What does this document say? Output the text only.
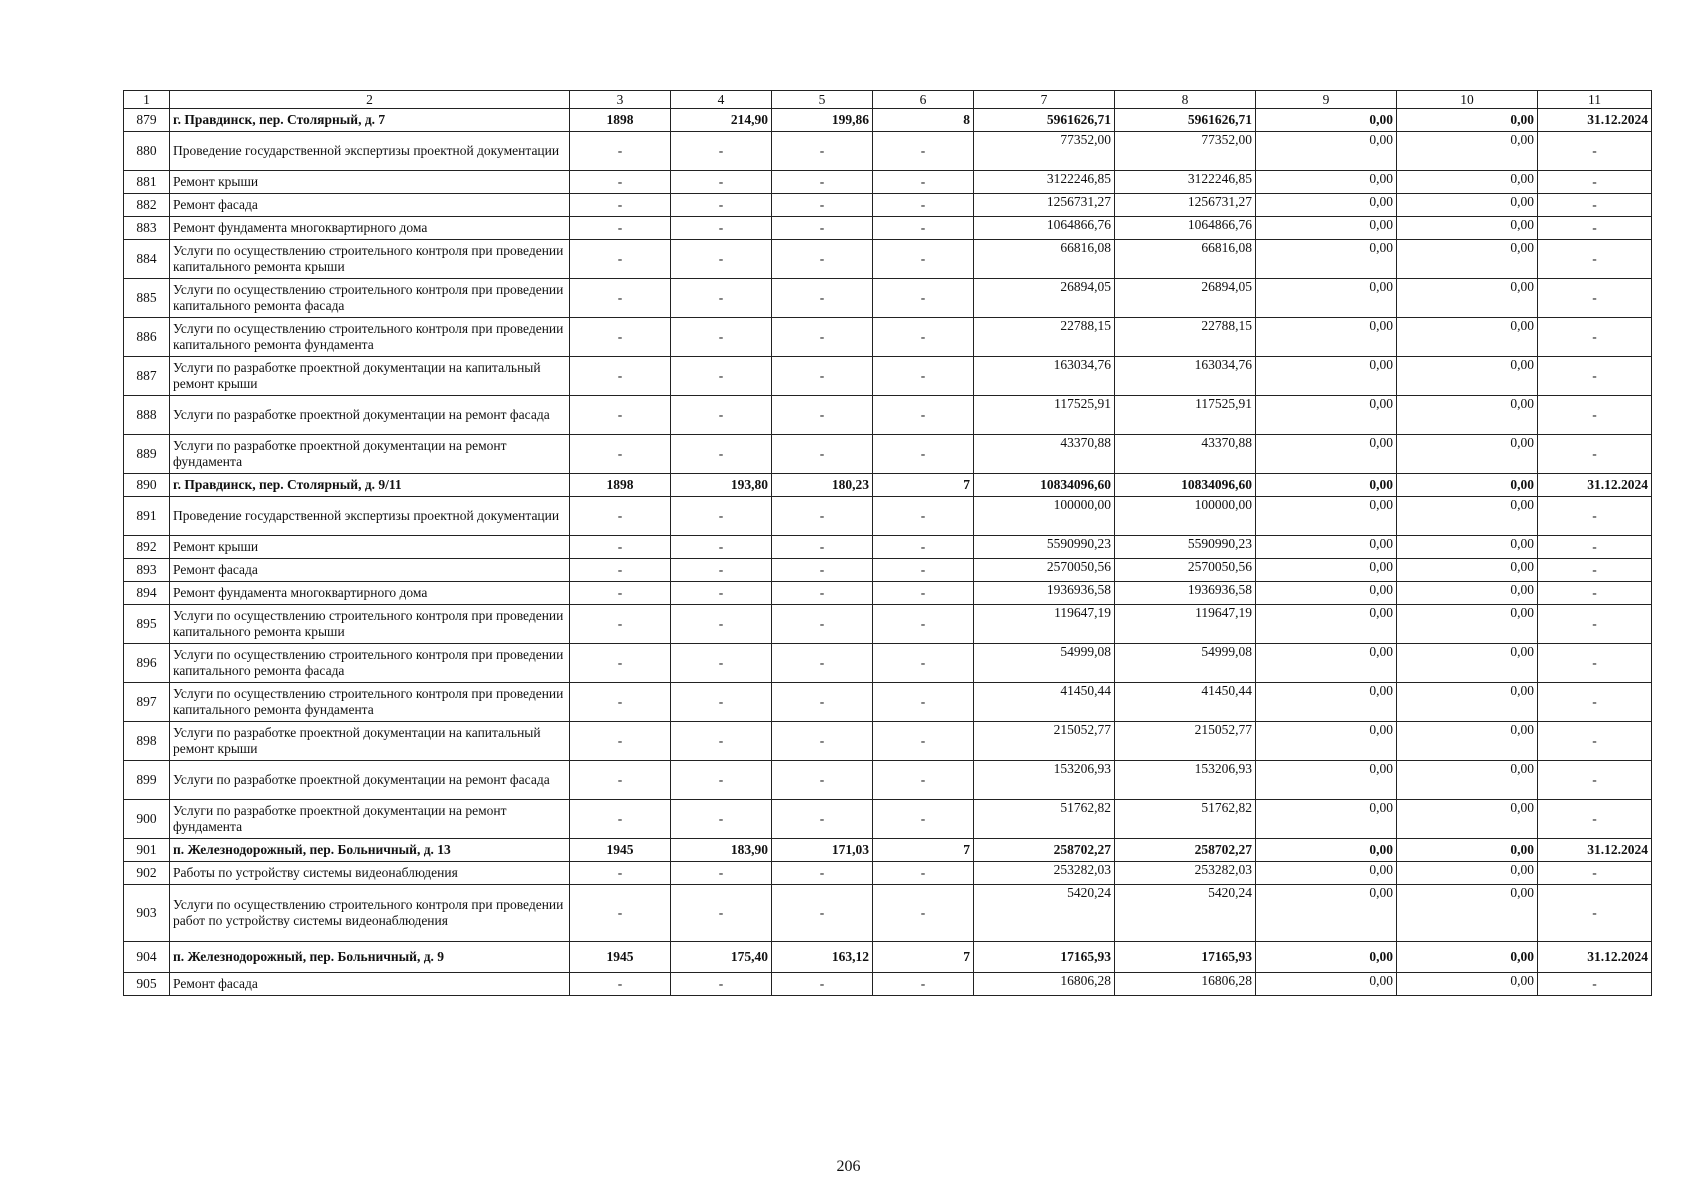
1	2	3	4	5	6	7	8	9	10	11
879	г. Правдинск, пер. Столярный, д. 7	1898	214,90	199,86	8	5961626,71	5961626,71	0,00	0,00	31.12.2024
880	Проведение государственной экспертизы проектной документации	-	-	-	-	77352,00	77352,00	0,00	0,00	-
881	Ремонт крыши	-	-	-	-	3122246,85	3122246,85	0,00	0,00	-
882	Ремонт фасада	-	-	-	-	1256731,27	1256731,27	0,00	0,00	-
883	Ремонт фундамента многоквартирного дома	-	-	-	-	1064866,76	1064866,76	0,00	0,00	-
884	Услуги по осуществлению строительного контроля при проведении капитального ремонта крыши	-	-	-	-	66816,08	66816,08	0,00	0,00	-
885	Услуги по осуществлению строительного контроля при проведении капитального ремонта фасада	-	-	-	-	26894,05	26894,05	0,00	0,00	-
886	Услуги по осуществлению строительного контроля при проведении капитального ремонта фундамента	-	-	-	-	22788,15	22788,15	0,00	0,00	-
887	Услуги по разработке проектной документации на капитальный ремонт крыши	-	-	-	-	163034,76	163034,76	0,00	0,00	-
888	Услуги по разработке проектной документации на ремонт фасада	-	-	-	-	117525,91	117525,91	0,00	0,00	-
889	Услуги по разработке проектной документации на ремонт фундамента	-	-	-	-	43370,88	43370,88	0,00	0,00	-
890	г. Правдинск, пер. Столярный, д. 9/11	1898	193,80	180,23	7	10834096,60	10834096,60	0,00	0,00	31.12.2024
891	Проведение государственной экспертизы проектной документации	-	-	-	-	100000,00	100000,00	0,00	0,00	-
892	Ремонт крыши	-	-	-	-	5590990,23	5590990,23	0,00	0,00	-
893	Ремонт фасада	-	-	-	-	2570050,56	2570050,56	0,00	0,00	-
894	Ремонт фундамента многоквартирного дома	-	-	-	-	1936936,58	1936936,58	0,00	0,00	-
895	Услуги по осуществлению строительного контроля при проведении капитального ремонта крыши	-	-	-	-	119647,19	119647,19	0,00	0,00	-
896	Услуги по осуществлению строительного контроля при проведении капитального ремонта фасада	-	-	-	-	54999,08	54999,08	0,00	0,00	-
897	Услуги по осуществлению строительного контроля при проведении капитального ремонта фундамента	-	-	-	-	41450,44	41450,44	0,00	0,00	-
898	Услуги по разработке проектной документации на капитальный ремонт крыши	-	-	-	-	215052,77	215052,77	0,00	0,00	-
899	Услуги по разработке проектной документации на ремонт фасада	-	-	-	-	153206,93	153206,93	0,00	0,00	-
900	Услуги по разработке проектной документации на ремонт фундамента	-	-	-	-	51762,82	51762,82	0,00	0,00	-
901	п. Железнодорожный, пер. Больничный, д. 13	1945	183,90	171,03	7	258702,27	258702,27	0,00	0,00	31.12.2024
902	Работы по устройству системы видеонаблюдения	-	-	-	-	253282,03	253282,03	0,00	0,00	-
903	Услуги по осуществлению строительного контроля при проведении работ по устройству системы видеонаблюдения	-	-	-	-	5420,24	5420,24	0,00	0,00	-
904	п. Железнодорожный, пер. Больничный, д. 9	1945	175,40	163,12	7	17165,93	17165,93	0,00	0,00	31.12.2024
905	Ремонт фасада	-	-	-	-	16806,28	16806,28	0,00	0,00	-
206
